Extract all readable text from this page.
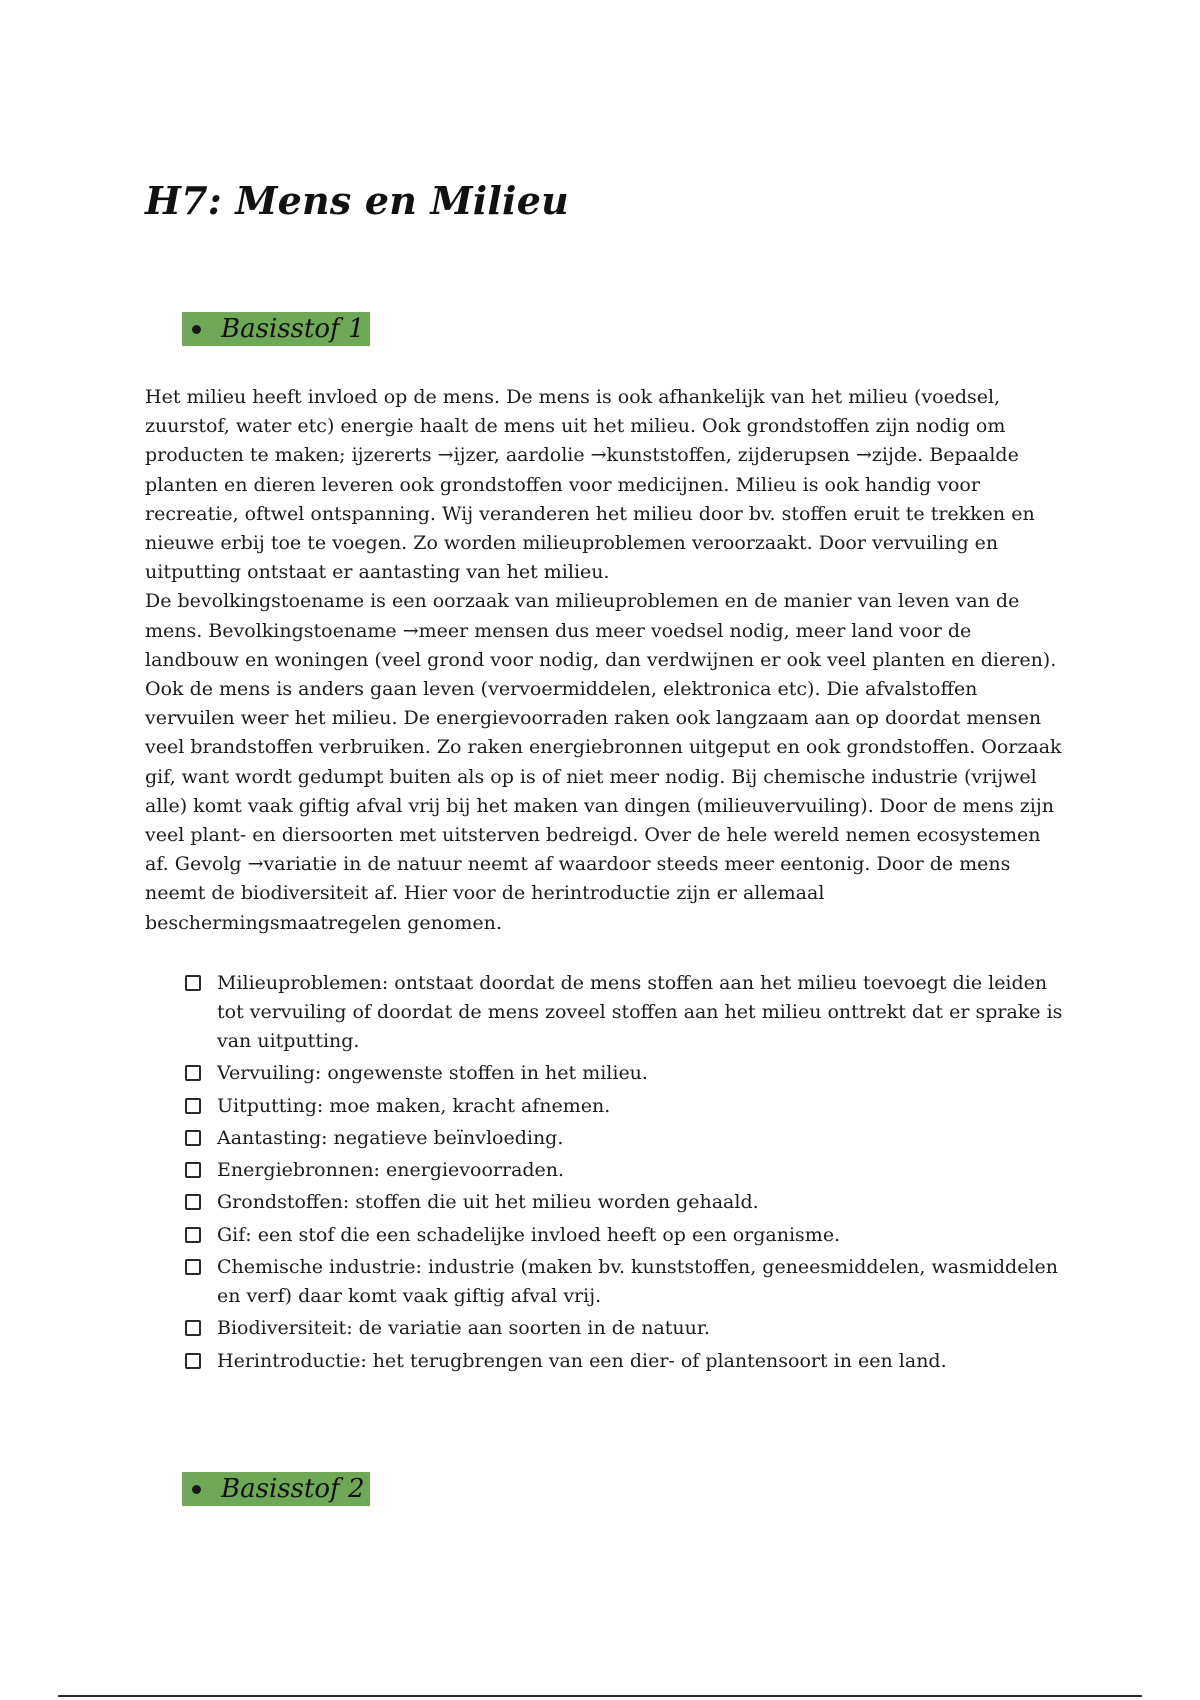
H7: Mens en Milieu
Basisstof 1

Het milieu heeft invloed op de mens. De mens is ook afhankelijk van het milieu (voedsel, zuurstof, water etc) energie haalt de mens uit het milieu. Ook grondstoffen zijn nodig om producten te maken; ijzererts →ijzer, aardolie →kunststoffen, zijderupsen →zijde. Bepaalde planten en dieren leveren ook grondstoffen voor medicijnen. Milieu is ook handig voor recreatie, oftwel ontspanning. Wij veranderen het milieu door bv. stoffen eruit te trekken en nieuwe erbij toe te voegen. Zo worden milieuproblemen veroorzaakt. Door vervuiling en uitputting ontstaat er aantasting van het milieu.

De bevolkingstoename is een oorzaak van milieuproblemen en de manier van leven van de mens. Bevolkingstoename →meer mensen dus meer voedsel nodig, meer land voor de landbouw en woningen (veel grond voor nodig, dan verdwijnen er ook veel planten en dieren). Ook de mens is anders gaan leven (vervoermiddelen, elektronica etc). Die afvalstoffen vervuilen weer het milieu. De energievoorraden raken ook langzaam aan op doordat mensen veel brandstoffen verbruiken. Zo raken energiebronnen uitgeput en ook grondstoffen. Oorzaak gif, want wordt gedumpt buiten als op is of niet meer nodig. Bij chemische industrie (vrijwel alle) komt vaak giftig afval vrij bij het maken van dingen (milieuvervuiling). Door de mens zijn veel plant- en diersoorten met uitsterven bedreigd. Over de hele wereld nemen ecosystemen af. Gevolg →variatie in de natuur neemt af waardoor steeds meer eentonig. Door de mens neemt de biodiversiteit af. Hier voor de herintroductie zijn er allemaal beschermingsmaatregelen genomen.

Milieuproblemen: ontstaat doordat de mens stoffen aan het milieu toevoegt die leiden tot vervuiling of doordat de mens zoveel stoffen aan het milieu onttrekt dat er sprake is van uitputting.
Vervuiling: ongewenste stoffen in het milieu.
Uitputting: moe maken, kracht afnemen.
Aantasting: negatieve beïnvloeding.
Energiebronnen: energievoorraden.
Grondstoffen: stoffen die uit het milieu worden gehaald.
Gif: een stof die een schadelijke invloed heeft op een organisme.
Chemische industrie: industrie (maken bv. kunststoffen, geneesmiddelen, wasmiddelen en verf) daar komt vaak giftig afval vrij.
Biodiversiteit: de variatie aan soorten in de natuur.
Herintroductie: het terugbrengen van een dier- of plantensoort in een land.
Basisstof 2
